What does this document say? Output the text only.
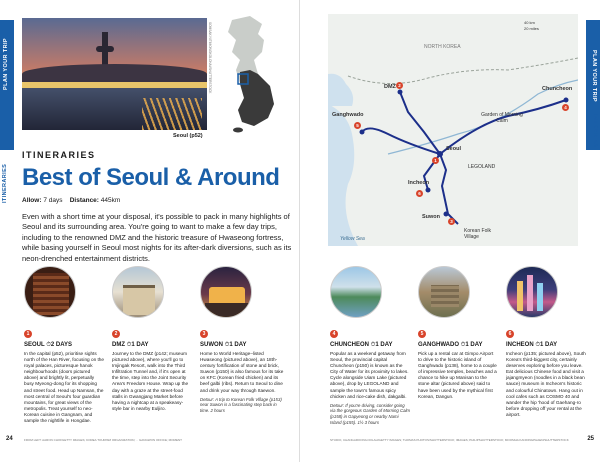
PLAN YOUR TRIP
ITINERARIES
SOMSAK NITIMONGKOLCHAI/SHUTTERSTOCK
Seoul (p52)
ITINERARIES
Best of Seoul & Around
Allow: 7 days Distance: 445km
Even with a short time at your disposal, it's possible to pack in many highlights of Seoul and its surrounding area. You're going to want to make a few day trips, including to the renowned DMZ and the historic treasure of Hwaseong fortress, while basing yourself in Seoul most nights for its after-dark diversions, such as its neon-drenched entertainment districts.
1
SEOUL ⏱2 DAYS
In the capital (p52), prioritise sights north of the Han River, focusing on the royal palaces, picturesque hanok neighbourhoods (doors pictured above) and brightly lit, perpetually busy Myeong-dong for its shopping and street food. Head up Namsan, the most central of Seoul's four guardian mountains, for great views of the metropolis. Treat yourself to neo-Korean cuisine in Gangnam, and sample the nightlife in Hongdae.
2
DMZ ⏱1 DAY
Journey to the DMZ (p142; museum pictured above), where you'll go to Imjingak Resort, walk into the Third Infiltration Tunnel and, if it's open at the time, step into the Joint Security Area's Freedom House. Wrap up the day with a graze at the street-food stalls in Gwangjang Market before having a nightcap at a speakeasy-style bar in nearby Euljiro.
3
SUWON ⏱1 DAY
Home to World Heritage–listed Hwaseong (pictured above), an 18th-century fortification of stone and brick, Suwon (p150) is also famous for its take on KFC (Korean fried chicken) and its beef galbi (ribs). Return to Seoul to dine and drink your way through Itaewon.
Detour: A trip to Korean Folk Village (p153) near Suwon is a fascinating step back in time. 2 hours
24	FROM LEFT: AARON CHOI/GETTY IMAGES; KOREA TOURISM ORGANIZATION; ·· GANGWON OFFICE; MOMENT
PLAN YOUR TRIP
ITINERARIES
40 km
20 miles
NORTH KOREA
DMZ 2
Ganghwado
5
Seoul
1
Incheon
6
Suwon
3
Chuncheon
4
Garden of Morning Calm
LEGOLAND
Yellow Sea
Korean Folk Village
4
CHUNCHEON ⏱1 DAY
Popular as a weekend getaway from Seoul, the provincial capital Chuncheon (p150) is known as the City of Water for its proximity to lakes. Cycle alongside Uiam Lake (pictured above), drop by LEGOLAND and sample the town's famous spicy chicken and rice-cake dish, dakgalbi.
Detour: If you're driving, consider going via the gorgeous Garden of Morning Calm (p158) in Gapyeong or nearby Nami Island (p155). 1½ 3 hours
5
GANGHWADO ⏱1 DAY
Pick up a rental car at Gimpo Airport to drive to the historic island of Ganghwado (p138), home to a couple of impressive temples, beaches and a chance to hike up Manisan to the stone altar (pictured above) said to have been used by the mythical first Korean, Dangun.
6
INCHEON ⏱1 DAY
Incheon (p135; pictured above), South Korea's third-biggest city, certainly deserves exploring before you leave. Eat delicious Chinese food and visit a jajangmyeon (noodles in a black bean sauce) museum in Incheon's historic and colourful Chinatown. Hang out in cool cafes such as COSMO 40 and wander the hip 'hood of Gaehang-ro before dropping off your rental at the airport.
STUDIO, CHANGAROON/LOOLAH/GETTY IMAGES; THOMAS PHOTOS/SHUTTERSTOCK; IMAGES; PHILIPSHUTTERSTOCK; MOOMHA KANDINGPHAEN/SHUTTERSTOCK	25
